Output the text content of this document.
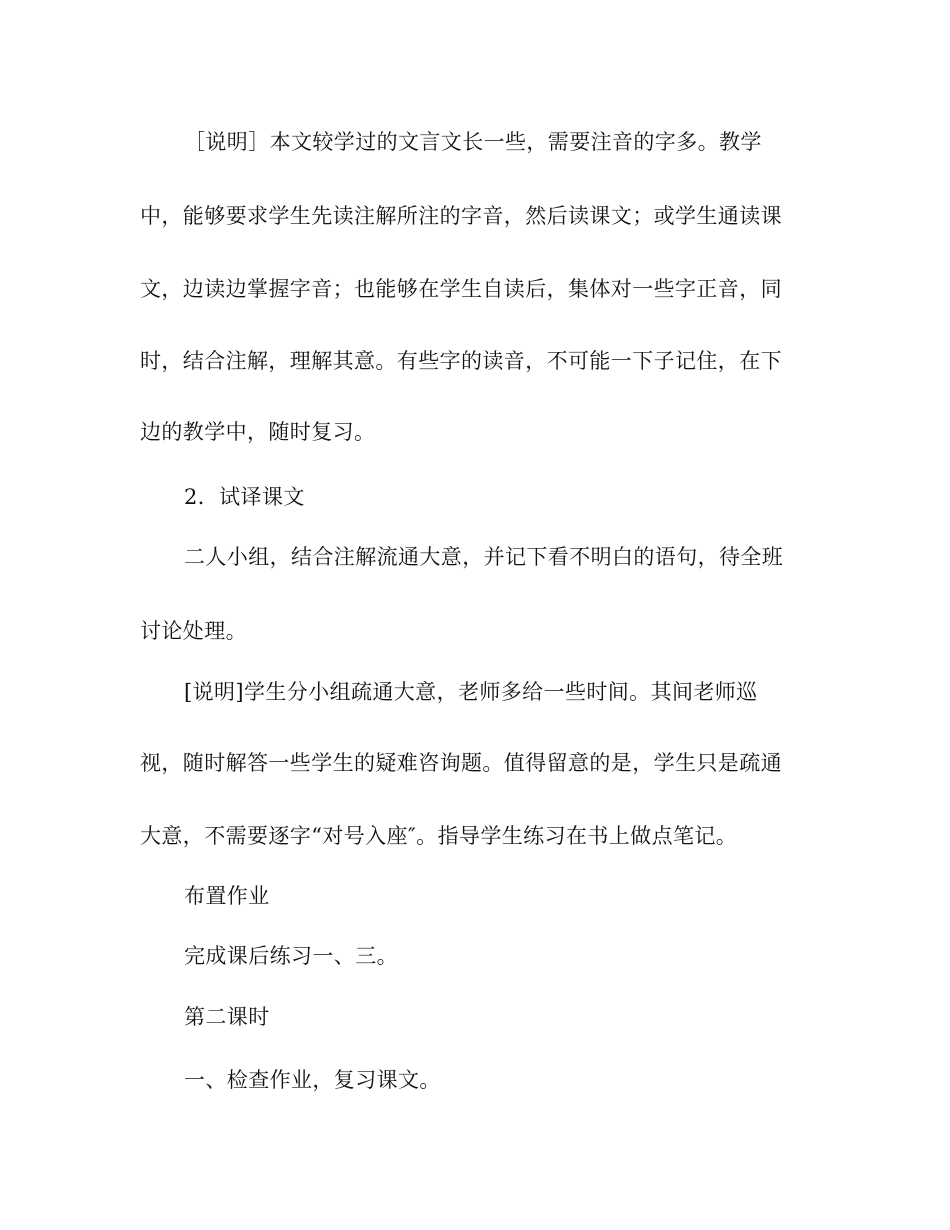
［说明］本文较学过的文言文长一些，需要注音的字多。教学
中，能够要求学生先读注解所注的字音，然后读课文；或学生通读课
文，边读边掌握字音；也能够在学生自读后，集体对一些字正音，同
时，结合注解，理解其意。有些字的读音，不可能一下子记住，在下
边的教学中，随时复习。
2．试译课文
二人小组，结合注解流通大意，并记下看不明白的语句，待全班
讨论处理。
[说明]学生分小组疏通大意，老师多给一些时间。其间老师巡
视，随时解答一些学生的疑难咨询题。值得留意的是，学生只是疏通
大意，不需要逐字“对号入座″。指导学生练习在书上做点笔记。
布置作业
完成课后练习一、三。
第二课时
一、检查作业，复习课文。
